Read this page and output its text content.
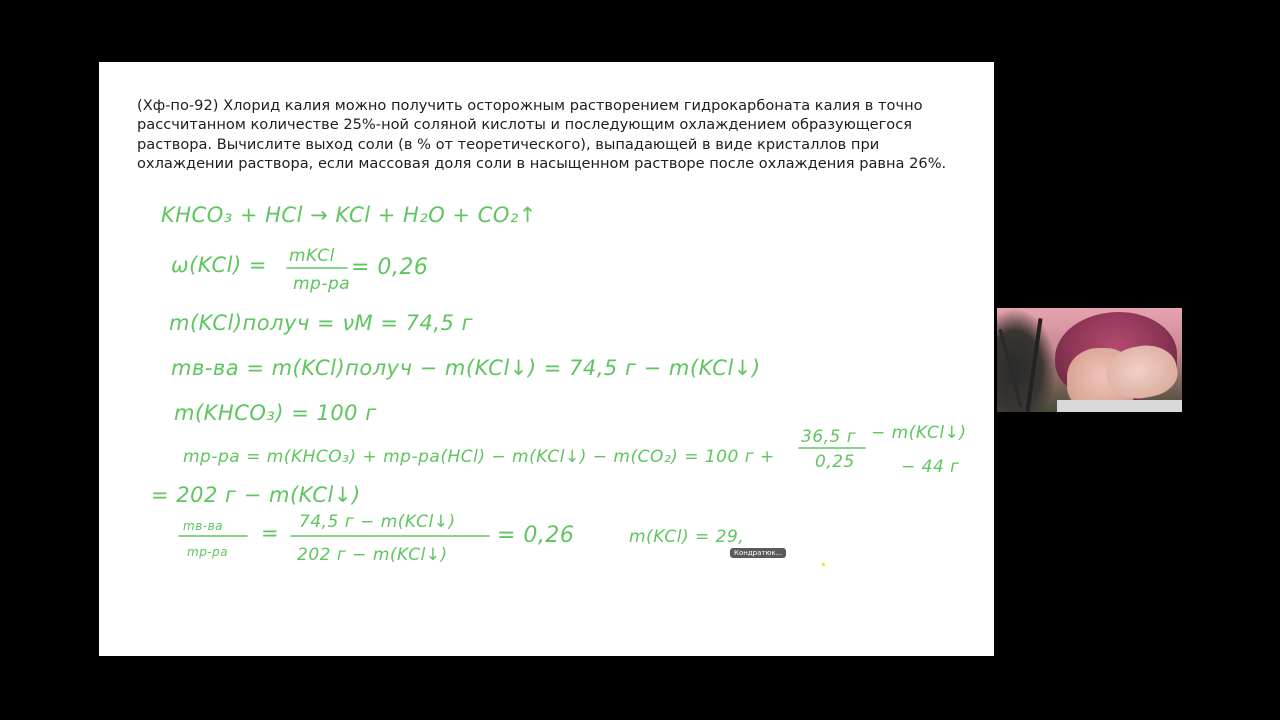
(Хф-по-92) Хлорид калия можно получить осторожным растворением гидрокарбоната калия в точно рассчитанном количестве 25%-ной соляной кислоты и последующим охлаждением образующегося раствора. Вычислите выход соли (в % от теоретического), выпадающей в виде кристаллов при охлаждении раствора, если массовая доля соли в насыщенном растворе после охлаждения равна 26%.

KHCO₃ + HCl → KCl + H₂O + CO₂↑
ω(KCl) = mKCl
mр-ра
= 0,26
m(KCl)получ = νM = 74,5 г
mв-ва = m(KCl)получ − m(KCl↓) = 74,5 г − m(KCl↓)
m(KHCO₃) = 100 г
mр-ра = m(KHCO₃) + mр-ра(HCl) − m(KCl↓) − m(CO₂) = 100 г +
36,5 г
0,25
− m(KCl↓)
− 44 г
= 202 г − m(KCl↓)
mв-ва
mр-ра
= 74,5 г − m(KCl↓)
202 г − m(KCl↓)
= 0,26	m(KCl) = 29,
Кондратюк...
